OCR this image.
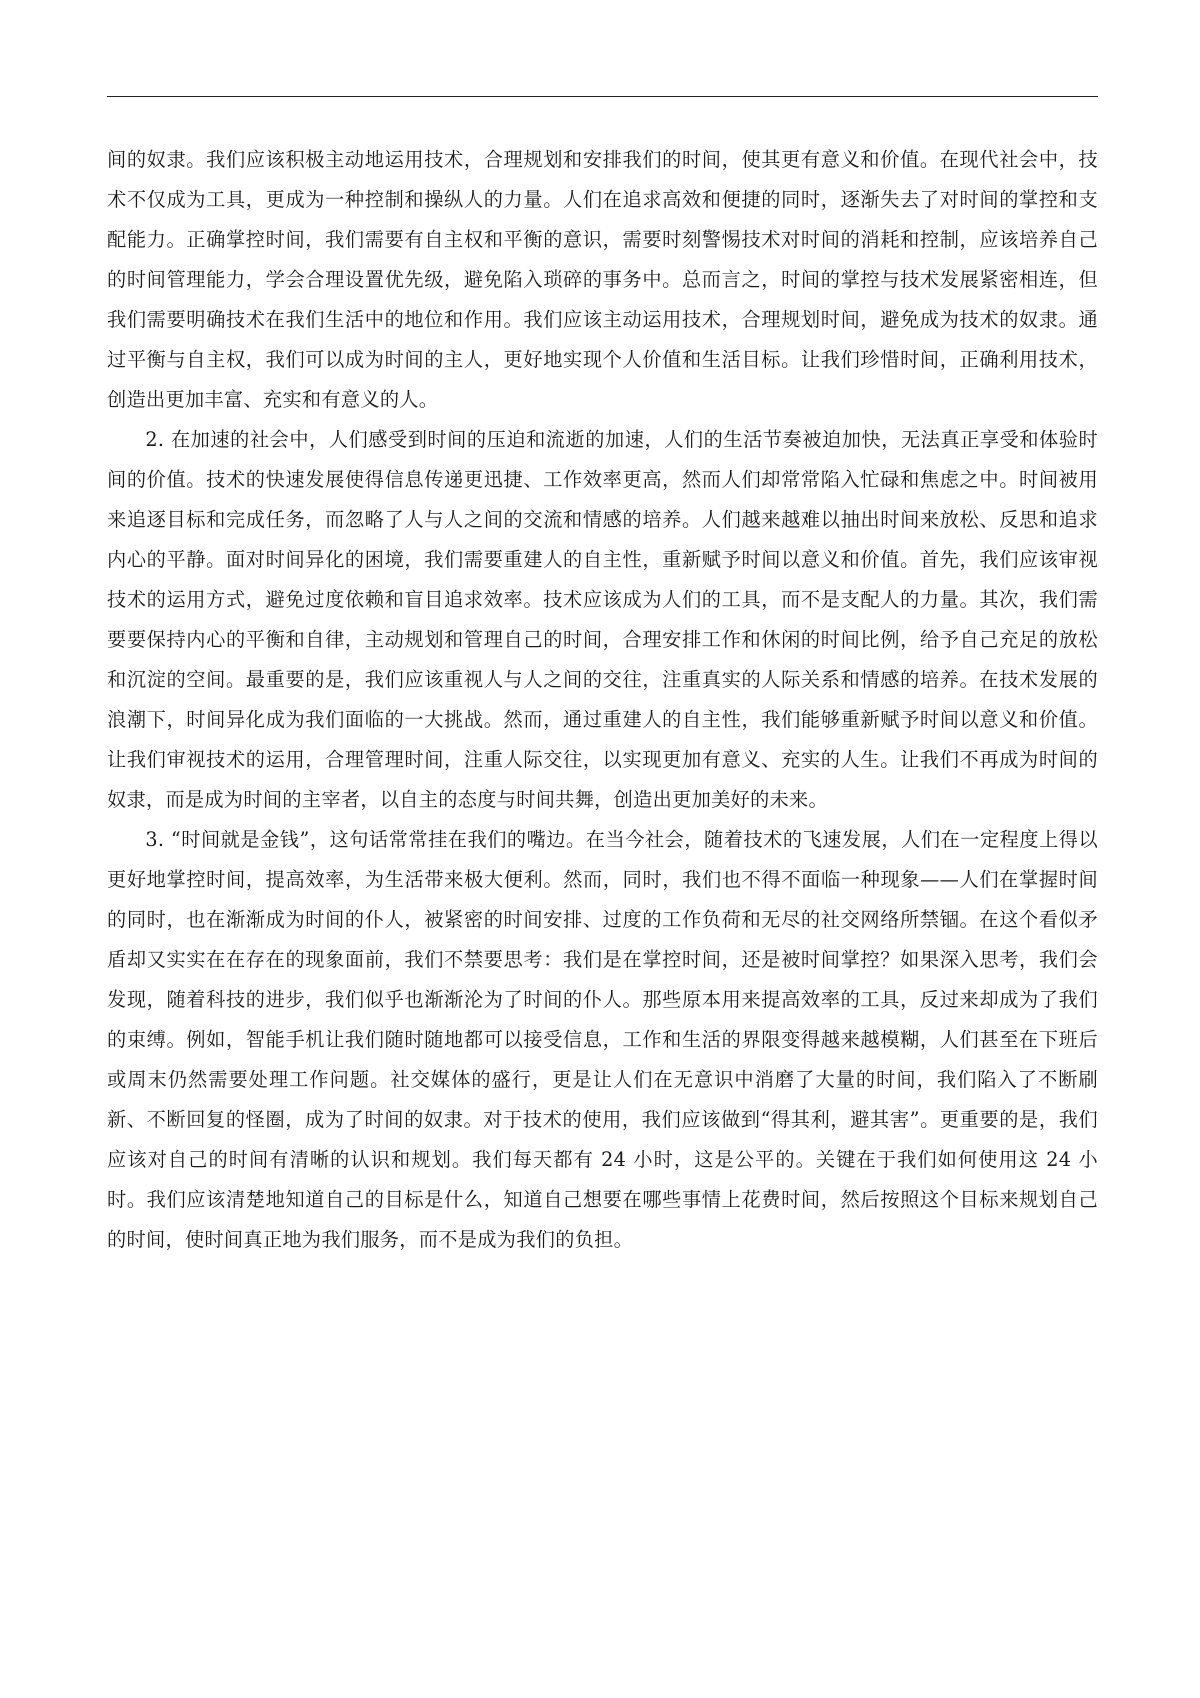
间的奴隶。我们应该积极主动地运用技术，合理规划和安排我们的时间，使其更有意义和价值。在现代社会中，技术不仅成为工具，更成为一种控制和操纵人的力量。人们在追求高效和便捷的同时，逐渐失去了对时间的掌控和支配能力。正确掌控时间，我们需要有自主权和平衡的意识，需要时刻警惕技术对时间的消耗和控制，应该培养自己的时间管理能力，学会合理设置优先级，避免陷入琐碎的事务中。总而言之，时间的掌控与技术发展紧密相连，但我们需要明确技术在我们生活中的地位和作用。我们应该主动运用技术，合理规划时间，避免成为技术的奴隶。通过平衡与自主权，我们可以成为时间的主人，更好地实现个人价值和生活目标。让我们珍惜时间，正确利用技术，创造出更加丰富、充实和有意义的人。

2. 在加速的社会中，人们感受到时间的压迫和流逝的加速，人们的生活节奏被迫加快，无法真正享受和体验时间的价值。技术的快速发展使得信息传递更迅捷、工作效率更高，然而人们却常常陷入忙碌和焦虑之中。时间被用来追逐目标和完成任务，而忽略了人与人之间的交流和情感的培养。人们越来越难以抽出时间来放松、反思和追求内心的平静。面对时间异化的困境，我们需要重建人的自主性，重新赋予时间以意义和价值。首先，我们应该审视技术的运用方式，避免过度依赖和盲目追求效率。技术应该成为人们的工具，而不是支配人的力量。其次，我们需要要保持内心的平衡和自律，主动规划和管理自己的时间，合理安排工作和休闲的时间比例，给予自己充足的放松和沉淀的空间。最重要的是，我们应该重视人与人之间的交往，注重真实的人际关系和情感的培养。在技术发展的浪潮下，时间异化成为我们面临的一大挑战。然而，通过重建人的自主性，我们能够重新赋予时间以意义和价值。让我们审视技术的运用，合理管理时间，注重人际交往，以实现更加有意义、充实的人生。让我们不再成为时间的奴隶，而是成为时间的主宰者，以自主的态度与时间共舞，创造出更加美好的未来。

3. “时间就是金钱”，这句话常常挂在我们的嘴边。在当今社会，随着技术的飞速发展，人们在一定程度上得以更好地掌控时间，提高效率，为生活带来极大便利。然而，同时，我们也不得不面临一种现象——人们在掌握时间的同时，也在渐渐成为时间的仆人，被紧密的时间安排、过度的工作负荷和无尽的社交网络所禁锢。在这个看似矛盾却又实实在在存在的现象面前，我们不禁要思考：我们是在掌控时间，还是被时间掌控？如果深入思考，我们会发现，随着科技的进步，我们似乎也渐渐沦为了时间的仆人。那些原本用来提高效率的工具，反过来却成为了我们的束缚。例如，智能手机让我们随时随地都可以接受信息，工作和生活的界限变得越来越模糊，人们甚至在下班后或周末仍然需要处理工作问题。社交媒体的盛行，更是让人们在无意识中消磨了大量的时间，我们陷入了不断刷新、不断回复的怪圈，成为了时间的奴隶。对于技术的使用，我们应该做到“得其利，避其害”。更重要的是，我们应该对自己的时间有清晰的认识和规划。我们每天都有 24 小时，这是公平的。关键在于我们如何使用这 24 小时。我们应该清楚地知道自己的目标是什么，知道自己想要在哪些事情上花费时间，然后按照这个目标来规划自己的时间，使时间真正地为我们服务，而不是成为我们的负担。
